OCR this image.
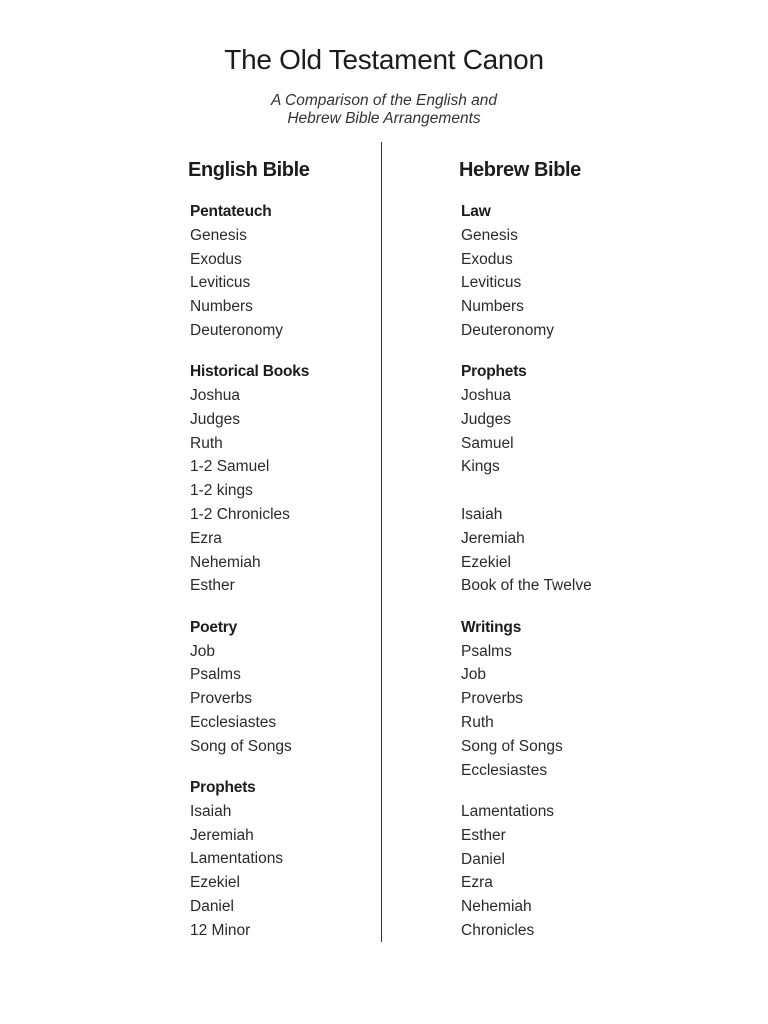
The Old Testament Canon
A Comparison of the English and
Hebrew Bible Arrangements
English Bible
Pentateuch
Genesis
Exodus
Leviticus
Numbers
Deuteronomy
Historical Books
Joshua
Judges
Ruth
1-2 Samuel
1-2 kings
1-2 Chronicles
Ezra
Nehemiah
Esther
Poetry
Job
Psalms
Proverbs
Ecclesiastes
Song of Songs
Prophets
Isaiah
Jeremiah
Lamentations
Ezekiel
Daniel
12 Minor
Hebrew Bible
Law
Genesis
Exodus
Leviticus
Numbers
Deuteronomy
Prophets
Joshua
Judges
Samuel
Kings
Isaiah
Jeremiah
Ezekiel
Book of the Twelve
Writings
Psalms
Job
Proverbs
Ruth
Song of Songs
Ecclesiastes
Lamentations
Esther
Daniel
Ezra
Nehemiah
Chronicles
